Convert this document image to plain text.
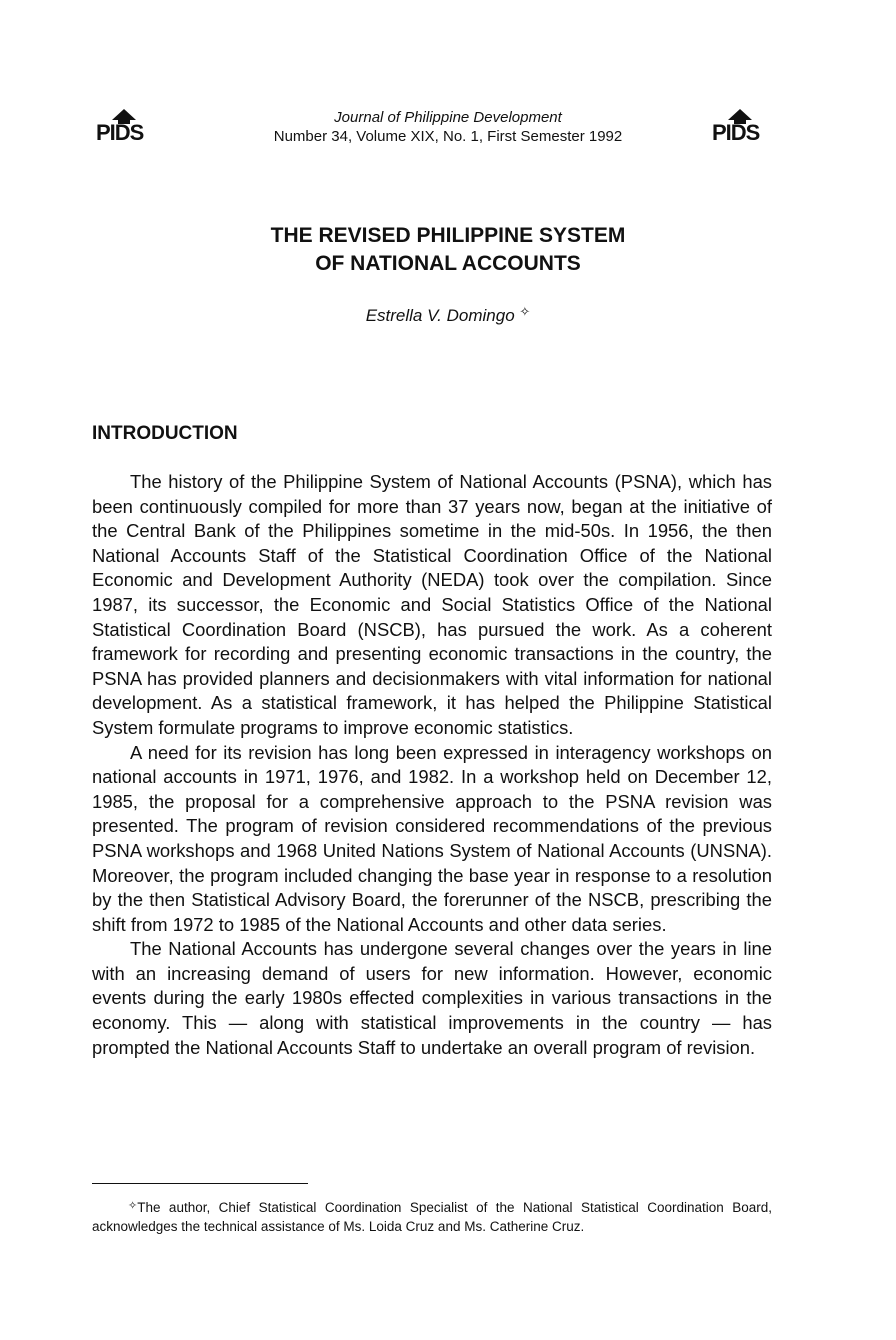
PIDS
Journal of Philippine Development
Number 34, Volume XIX, No. 1, First Semester 1992	PIDS
THE REVISED PHILIPPINE SYSTEM
OF NATIONAL ACCOUNTS
Estrella V. Domingo ✧
INTRODUCTION

The history of the Philippine System of National Accounts (PSNA), which has been continuously compiled for more than 37 years now, began at the initiative of the Central Bank of the Philippines sometime in the mid-50s. In 1956, the then National Accounts Staff of the Statistical Coordination Office of the National Economic and Development Authority (NEDA) took over the compilation. Since 1987, its successor, the Economic and Social Statistics Office of the National Statistical Coordination Board (NSCB), has pursued the work. As a coherent framework for recording and presenting economic transactions in the country, the PSNA has provided planners and decisionmakers with vital information for national development. As a statistical framework, it has helped the Philippine Statistical System formulate programs to improve economic statistics.

A need for its revision has long been expressed in interagency workshops on national accounts in 1971, 1976, and 1982. In a workshop held on December 12, 1985, the proposal for a comprehensive approach to the PSNA revision was presented. The program of revision considered recommendations of the previous PSNA workshops and 1968 United Nations System of National Accounts (UNSNA). Moreover, the program included changing the base year in response to a resolution by the then Statistical Advisory Board, the forerunner of the NSCB, prescribing the shift from 1972 to 1985 of the National Accounts and other data series.

The National Accounts has undergone several changes over the years in line with an increasing demand of users for new information. However, economic events during the early 1980s effected complexities in various transactions in the economy. This — along with statistical improvements in the country — has prompted the National Accounts Staff to undertake an overall program of revision.

✧The author, Chief Statistical Coordination Specialist of the National Statistical Coordination Board, acknowledges the technical assistance of Ms. Loida Cruz and Ms. Catherine Cruz.
